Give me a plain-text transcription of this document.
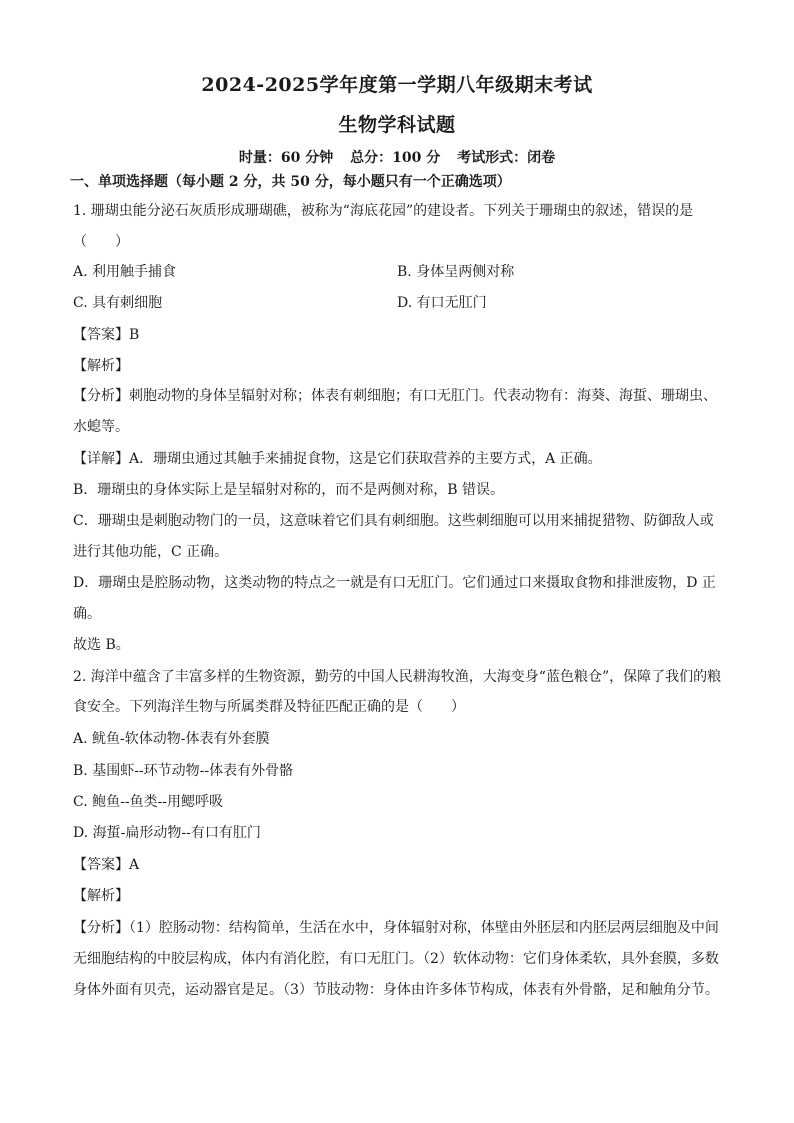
2024-2025学年度第一学期八年级期末考试
生物学科试题
时量：60 分钟 总分：100 分 考试形式：闭卷
一、单项选择题（每小题 2 分，共 50 分，每小题只有一个正确选项）
1. 珊瑚虫能分泌石灰质形成珊瑚礁，被称为“海底花园”的建设者。下列关于珊瑚虫的叙述，错误的是
（　　）
A. 利用触手捕食	B. 身体呈两侧对称
C. 具有刺细胞	D. 有口无肛门
【答案】B
【解析】
【分析】刺胞动物的身体呈辐射对称；体表有刺细胞；有口无肛门。代表动物有：海葵、海蜇、珊瑚虫、
水螅等。
【详解】A．珊瑚虫通过其触手来捕捉食物，这是它们获取营养的主要方式，A 正确。
B．珊瑚虫的身体实际上是呈辐射对称的，而不是两侧对称，B 错误。
C．珊瑚虫是刺胞动物门的一员，这意味着它们具有刺细胞。这些刺细胞可以用来捕捉猎物、防御敌人或
进行其他功能，C 正确。
D．珊瑚虫是腔肠动物，这类动物的特点之一就是有口无肛门。它们通过口来摄取食物和排泄废物，D 正
确。
故选 B。
2. 海洋中蕴含了丰富多样的生物资源，勤劳的中国人民耕海牧渔，大海变身“蓝色粮仓”，保障了我们的粮
食安全。下列海洋生物与所属类群及特征匹配正确的是（　　）
A. 鱿鱼-软体动物-体表有外套膜
B. 基围虾--环节动物--体表有外骨骼
C. 鲍鱼--鱼类--用鳃呼吸
D. 海蜇-扁形动物--有口有肛门
【答案】A
【解析】
【分析】（1）腔肠动物：结构简单，生活在水中，身体辐射对称，体壁由外胚层和内胚层两层细胞及中间
无细胞结构的中胶层构成，体内有消化腔，有口无肛门。（2）软体动物：它们身体柔软，具外套膜，多数
身体外面有贝壳，运动器官是足。（3）节肢动物：身体由许多体节构成，体表有外骨骼，足和触角分节。
